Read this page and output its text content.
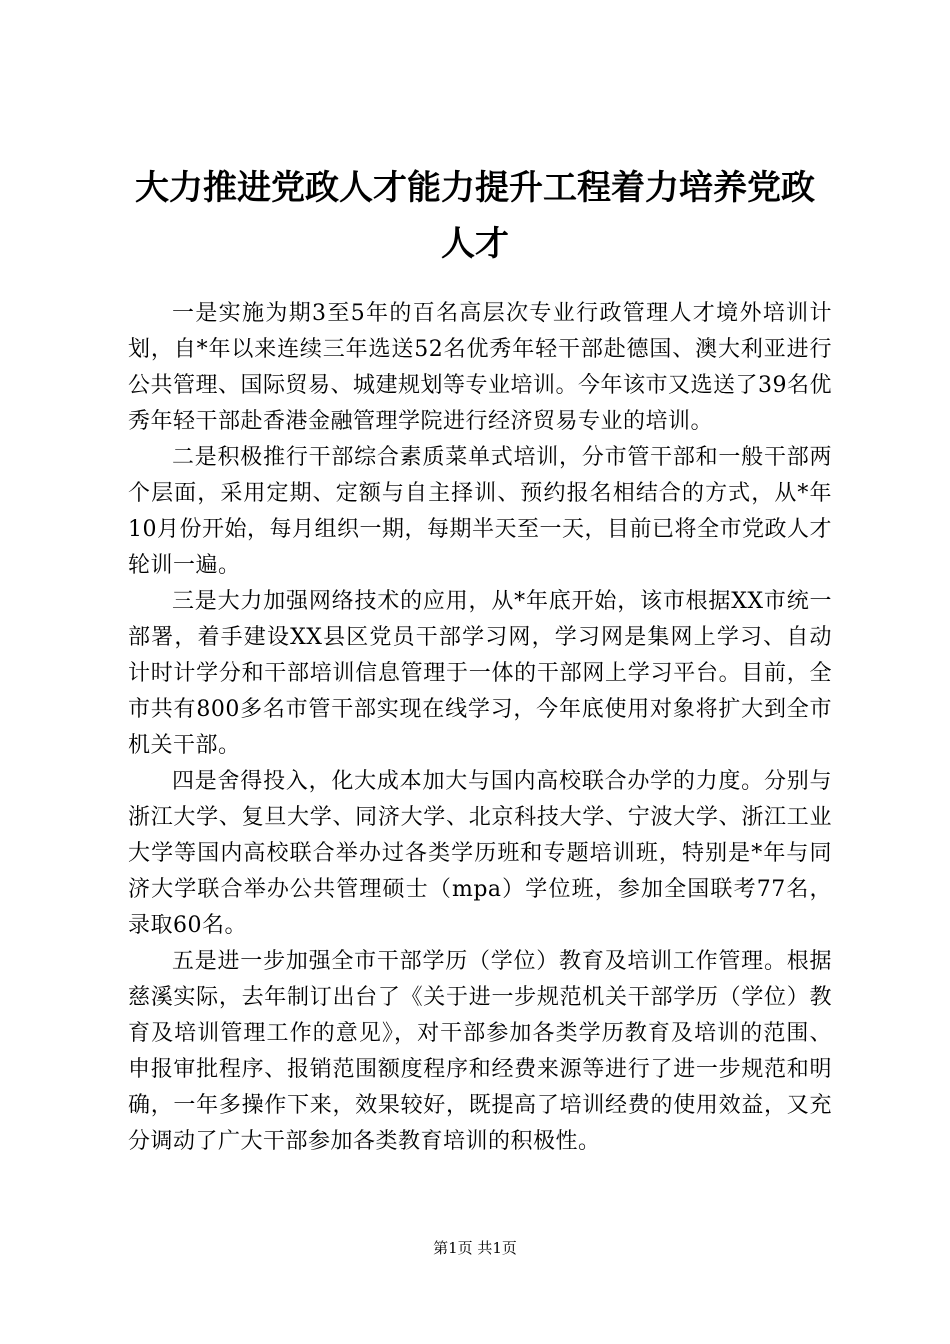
大力推进党政人才能力提升工程着力培养党政人才

一是实施为期3至5年的百名高层次专业行政管理人才境外培训计划，自*年以来连续三年选送52名优秀年轻干部赴德国、澳大利亚进行公共管理、国际贸易、城建规划等专业培训。今年该市又选送了39名优秀年轻干部赴香港金融管理学院进行经济贸易专业的培训。

二是积极推行干部综合素质菜单式培训，分市管干部和一般干部两个层面，采用定期、定额与自主择训、预约报名相结合的方式，从*年10月份开始，每月组织一期，每期半天至一天，目前已将全市党政人才轮训一遍。

三是大力加强网络技术的应用，从*年底开始，该市根据XX市统一部署，着手建设XX县区党员干部学习网，学习网是集网上学习、自动计时计学分和干部培训信息管理于一体的干部网上学习平台。目前，全市共有800多名市管干部实现在线学习，今年底使用对象将扩大到全市机关干部。

四是舍得投入，化大成本加大与国内高校联合办学的力度。分别与浙江大学、复旦大学、同济大学、北京科技大学、宁波大学、浙江工业大学等国内高校联合举办过各类学历班和专题培训班，特别是*年与同济大学联合举办公共管理硕士（mpa）学位班，参加全国联考77名，录取60名。

五是进一步加强全市干部学历（学位）教育及培训工作管理。根据慈溪实际，去年制订出台了《关于进一步规范机关干部学历（学位）教育及培训管理工作的意见》，对干部参加各类学历教育及培训的范围、申报审批程序、报销范围额度程序和经费来源等进行了进一步规范和明确，一年多操作下来，效果较好，既提高了培训经费的使用效益，又充分调动了广大干部参加各类教育培训的积极性。

第1页 共1页
